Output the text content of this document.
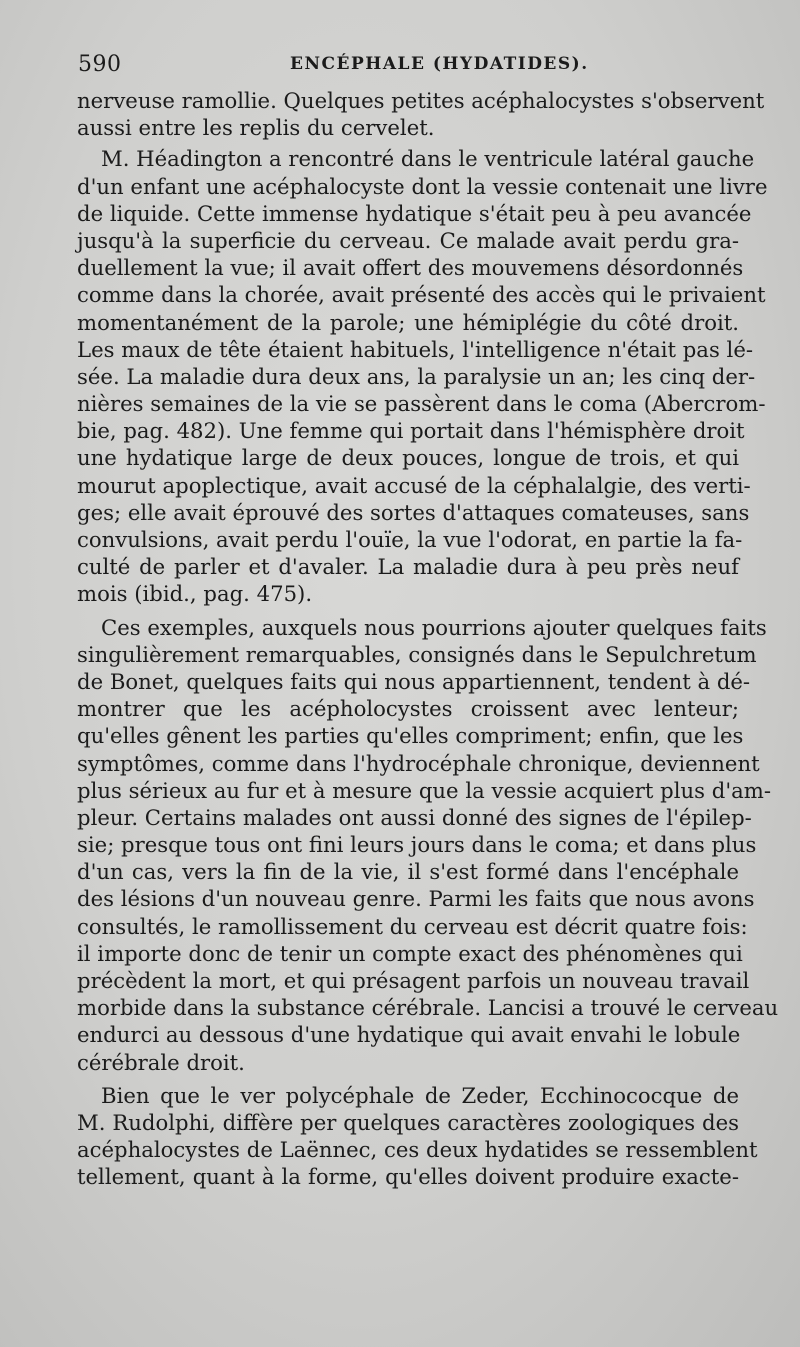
590	ENCÉPHALE (HYDATIDES).
nerveuse ramollie. Quelques petites acéphalocystes s'observent
aussi entre les replis du cervelet.
M. Héadington a rencontré dans le ventricule latéral gauche
d'un enfant une acéphalocyste dont la vessie contenait une livre
de liquide. Cette immense hydatique s'était peu à peu avancée
jusqu'à la superficie du cerveau. Ce malade avait perdu gra-
duellement la vue; il avait offert des mouvemens désordonnés
comme dans la chorée, avait présenté des accès qui le privaient
momentanément de la parole; une hémiplégie du côté droit.
Les maux de tête étaient habituels, l'intelligence n'était pas lé-
sée. La maladie dura deux ans, la paralysie un an; les cinq der-
nières semaines de la vie se passèrent dans le coma (Abercrom-
bie, pag. 482). Une femme qui portait dans l'hémisphère droit
une hydatique large de deux pouces, longue de trois, et qui
mourut apoplectique, avait accusé de la céphalalgie, des verti-
ges; elle avait éprouvé des sortes d'attaques comateuses, sans
convulsions, avait perdu l'ouïe, la vue l'odorat, en partie la fa-
culté de parler et d'avaler. La maladie dura à peu près neuf
mois (ibid., pag. 475).
Ces exemples, auxquels nous pourrions ajouter quelques faits
singulièrement remarquables, consignés dans le Sepulchretum
de Bonet, quelques faits qui nous appartiennent, tendent à dé-
montrer que les acépholocystes croissent avec lenteur;
qu'elles gênent les parties qu'elles compriment; enfin, que les
symptômes, comme dans l'hydrocéphale chronique, deviennent
plus sérieux au fur et à mesure que la vessie acquiert plus d'am-
pleur. Certains malades ont aussi donné des signes de l'épilep-
sie; presque tous ont fini leurs jours dans le coma; et dans plus
d'un cas, vers la fin de la vie, il s'est formé dans l'encéphale
des lésions d'un nouveau genre. Parmi les faits que nous avons
consultés, le ramollissement du cerveau est décrit quatre fois:
il importe donc de tenir un compte exact des phénomènes qui
précèdent la mort, et qui présagent parfois un nouveau travail
morbide dans la substance cérébrale. Lancisi a trouvé le cerveau
endurci au dessous d'une hydatique qui avait envahi le lobule
cérébrale droit.
Bien que le ver polycéphale de Zeder, Ecchinococque de
M. Rudolphi, diffère per quelques caractères zoologiques des
acéphalocystes de Laënnec, ces deux hydatides se ressemblent
tellement, quant à la forme, qu'elles doivent produire exacte-
